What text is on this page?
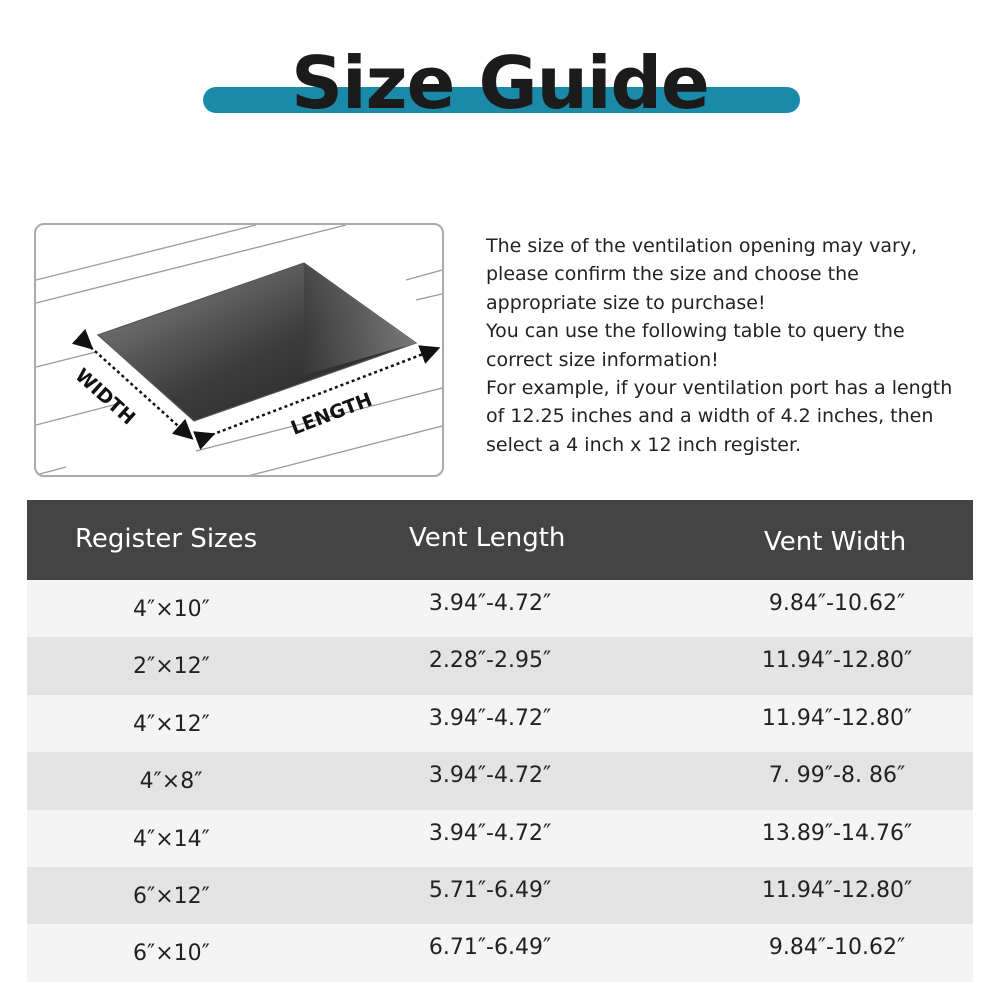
Size Guide
WIDTH	LENGTH

The size of the ventilation opening may vary,

please confirm the size and choose the

appropriate size to purchase!

You can use the following table to query the

correct size information!

For example, if your ventilation port has a length

of 12.25 inches and a width of 4.2 inches, then

select a 4 inch x 12 inch register.

Register Sizes	Vent Length	Vent Width
4″×10″	3.94″-4.72″	9.84″-10.62″
2″×12″	2.28″-2.95″	11.94″-12.80″
4″×12″	3.94″-4.72″	11.94″-12.80″
4″×8″	3.94″-4.72″	7. 99″-8. 86″
4″×14″	3.94″-4.72″	13.89″-14.76″
6″×12″	5.71″-6.49″	11.94″-12.80″
6″×10″	6.71″-6.49″	9.84″-10.62″
